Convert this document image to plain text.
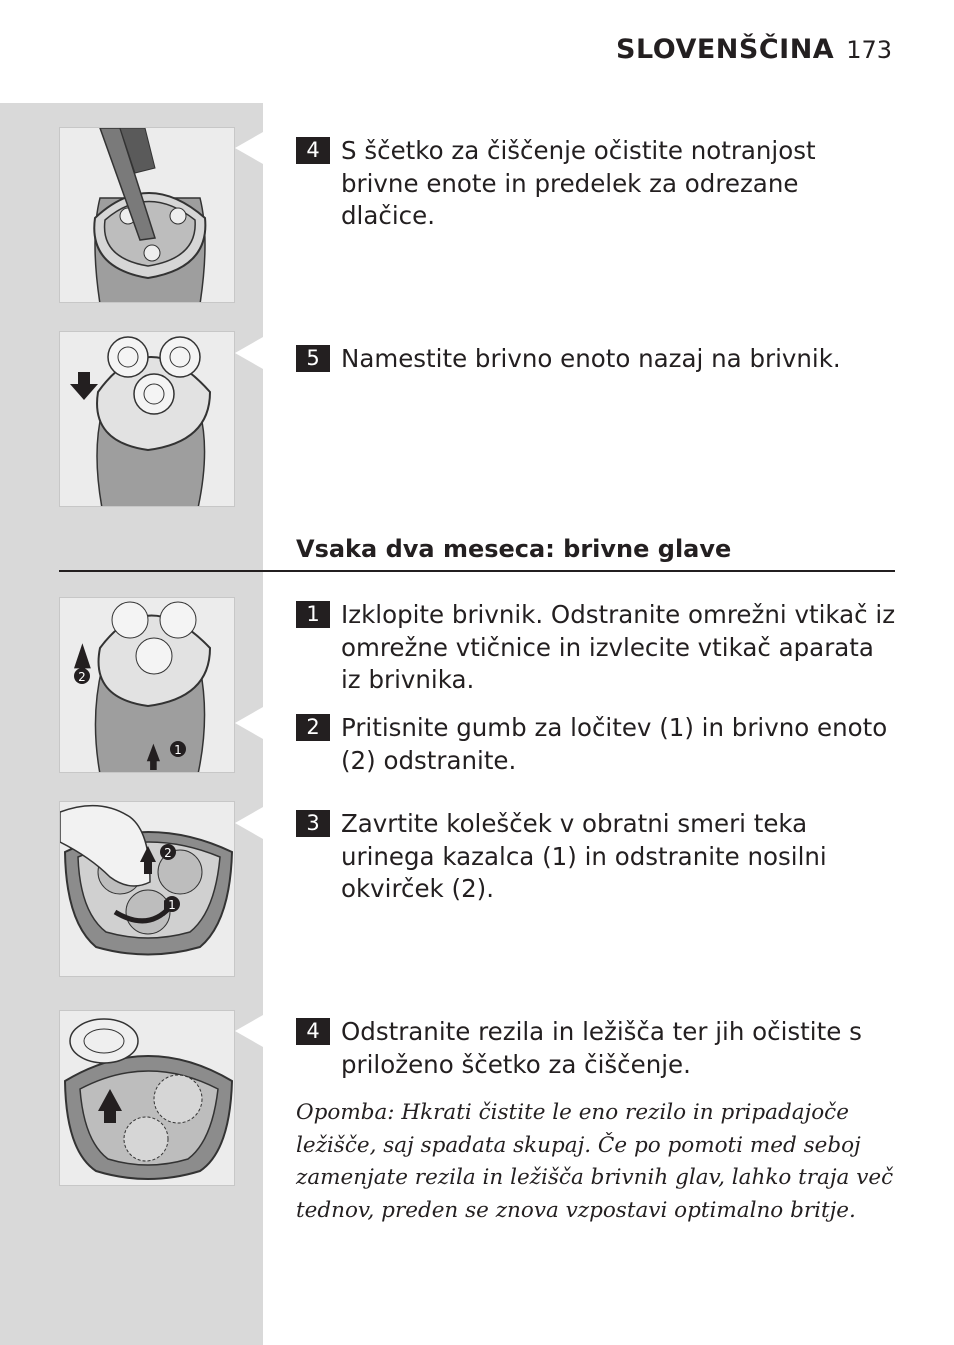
SLOVENŠČINA 173
4 S ščetko za čiščenje očistite notranjost brivne enote in predelek za odrezane dlačice.
5 Namestite brivno enoto nazaj na brivnik.
Vsaka dva meseca: brivne glave
2
1
2
1
1 Izklopite brivnik. Odstranite omrežni vtikač iz omrežne vtičnice in izvlecite vtikač aparata iz brivnika.
2 Pritisnite gumb za ločitev (1) in brivno enoto (2) odstranite.
3 Zavrtite kolešček v obratni smeri teka urinega kazalca (1) in odstranite nosilni okvirček (2).
4 Odstranite rezila in ležišča ter jih očistite s priloženo ščetko za čiščenje.
Opomba: Hkrati čistite le eno rezilo in pripadajoče ležišče, saj spadata skupaj. Če po pomoti med seboj zamenjate rezila in ležišča brivnih glav, lahko traja več tednov, preden se znova vzpostavi optimalno britje.
